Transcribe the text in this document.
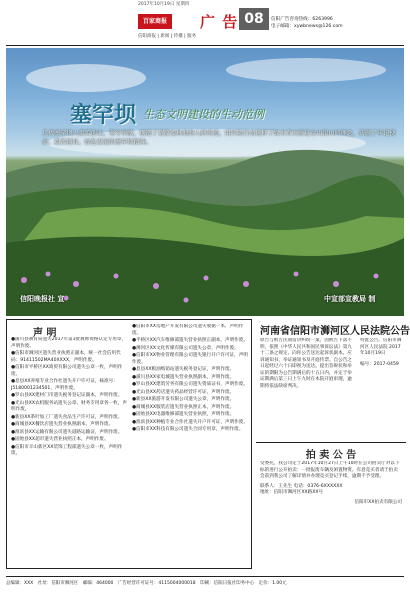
2017年10月19日 星期四
百家商报	广 告 08
信阳商报 | 新闻 | 传播 | 服务
信阳广告咨询热线：6263996
电子邮箱：xywbnews@126.com
塞罕坝 生态文明建设的生动范例
几代塞罕坝人艰苦创业，坚守奉献，创造了荒原变林海的人间奇迹，用实际行动诠释了绿水青山就是金山银山的理念，铸就了牢记使命、艰苦创业、绿色发展的塞罕坝精神。
信阳晚报社 宣	中宣部宣教局 制
声 明

●潢川县教育局遗失2017年第1批教师资格认定专用章，声明作废。

●信阳市浉河区遗失营业执照正副本，统一社会信用代码：91411502MA40XXXX，声明作废。

●信阳市平桥区XX商贸有限公司遗失公章一枚，声明作废。

●息县XX养殖专业合作社遗失开户许可证，核准号：J5180001234501，声明作废。

●罗山县XX建材门市遗失税务登记证副本，声明作废。

●光山县XX农机服务站遗失公章、财务专用章各一枚，声明作废。

●新县XX茶叶加工厂遗失食品生产许可证，声明作废。

●商城县XX餐饮店遗失营业执照副本，声明作废。

●淮滨县XX运输有限公司遗失道路运输证，声明作废。

●固始县XX超市遗失营业执照正本，声明作废。

●信阳市羊山新区XX装饰工程部遗失公章一枚，声明作废。

●信阳市XX房地产开发有限公司遗失收据一本，声明作废。

●平桥区XX汽车维修部遗失营业执照正副本，声明作废。

●浉河区XX文化传媒有限公司遗失公章，声明作废。

●信阳市XX物业管理有限公司遗失银行开户许可证，声明作废。

●息县XX粮油购销站遗失税务登记证，声明作废。

●潢川县XX家电城遗失营业执照副本，声明作废。

●罗山县XX建筑劳务有限公司遗失资质证书，声明作废。

●光山县XX药店遗失药品经营许可证，声明作废。

●新县XX旅游开发有限公司遗失公章，声明作废。

●商城县XX服装店遗失营业执照正本，声明作废。

●固始县XX电器维修部遗失营业执照，声明作废。

●淮滨县XX种植专业合作社遗失开户许可证，声明作废。

●信阳市XX科技有限公司遗失合同专用章，声明作废。

河南省信阳市浉河区人民法院公告
原告与被告民间借贷纠纷一案，因被告下落不明，依照《中华人民共和国民事诉讼法》第九十二条之规定，向你公告送达起诉状副本、应诉通知书、举证通知书及开庭传票。自公告之日起经过六十日即视为送达。提出答辩状和举证的期限为公告期满后的十五日内，并定于举证期满后第三日上午九时在本院开庭审理，逾期将依法缺席判决。
特此公告。信阳市浉河区人民法院 2017年10月19日
编号：2017-0459
拍 卖 公 告
受委托，我公司定于2017年10月27日上午10时在公司拍卖厅对以下标的进行公开拍卖：一批报废车辆及闲置物资。有意竞买者请于拍卖会前到我公司了解详情并办理竞买登记手续，逾期不予受理。
联系人：王先生 电话：0376-6XXXXXX
地址：信阳市浉河区XX路XX号
信阳市XX拍卖有限公司
总编辑：XXX　社址：信阳市浉河区　邮编：464000　广告经营许可证号：4115004000018　印刷：信阳日报社印务中心　定价：1.00元
